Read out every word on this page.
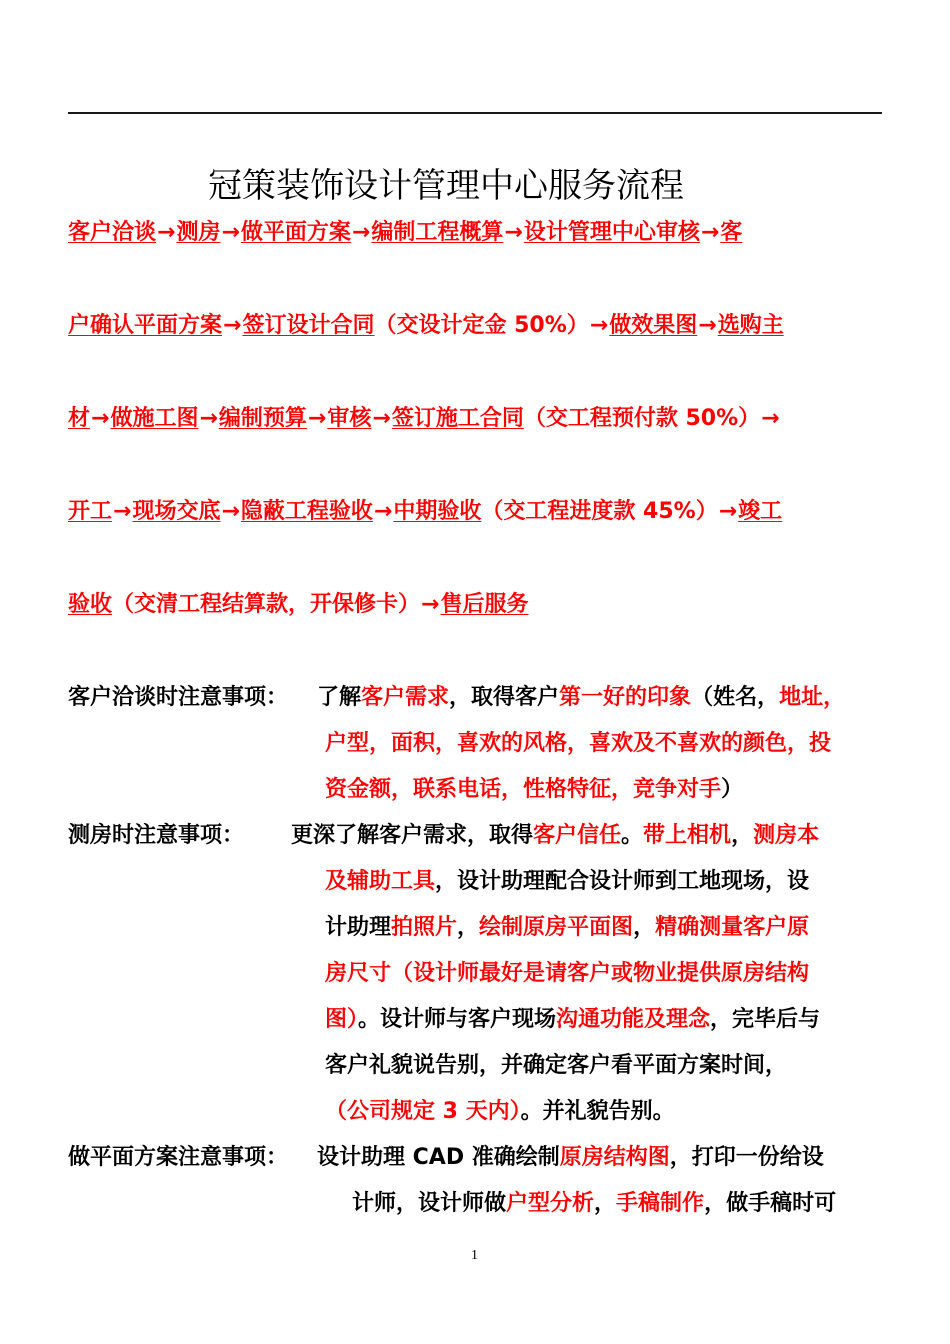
冠策装饰设计管理中心服务流程
客户洽谈→测房→做平面方案→编制工程概算→设计管理中心审核→客
户确认平面方案→签订设计合同（交设计定金 50%）→做效果图→选购主
材→做施工图→编制预算→审核→签订施工合同（交工程预付款 50%）→
开工→现场交底→隐蔽工程验收→中期验收（交工程进度款 45%）→竣工
验收（交清工程结算款，开保修卡）→售后服务
客户洽谈时注意事项： 了解客户需求，取得客户第一好的印象（姓名，地址，
户型，面积，喜欢的风格，喜欢及不喜欢的颜色，投
资金额，联系电话，性格特征，竞争对手）
测房时注意事项： 更深了解客户需求，取得客户信任。带上相机，测房本
及辅助工具，设计助理配合设计师到工地现场，设
计助理拍照片，绘制原房平面图，精确测量客户原
房尺寸（设计师最好是请客户或物业提供原房结构
图）。设计师与客户现场沟通功能及理念，完毕后与
客户礼貌说告别，并确定客户看平面方案时间，
（公司规定 3 天内）。并礼貌告别。
做平面方案注意事项： 设计助理 CAD 准确绘制原房结构图，打印一份给设
计师，设计师做户型分析，手稿制作，做手稿时可
1
